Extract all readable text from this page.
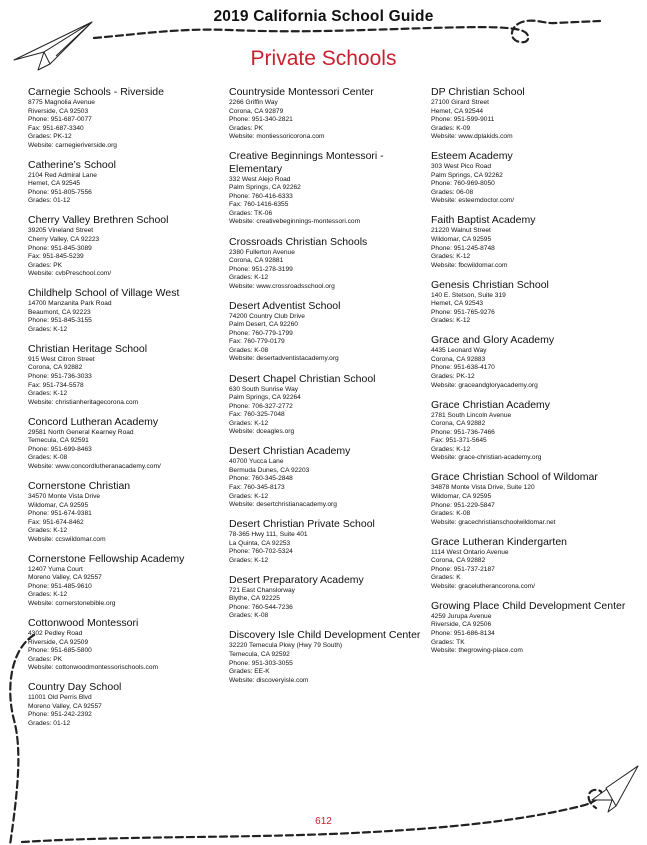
2019 California School Guide
Private Schools
Carnegie Schools - Riverside
8775 Magnolia Avenue
Riverside, CA 92503
Phone: 951-687-0077
Fax: 951-687-3340
Grades: PK-12
Website: carnegieriverside.org
Catherine’s School
2104 Red Admiral Lane
Hemet, CA 92545
Phone: 951-805-7556
Grades: 01-12
Cherry Valley Brethren School
39205 Vineland Street
Cherry Valley, CA 92223
Phone: 951-845-3089
Fax: 951-845-5239
Grades: PK
Website: cvbPreschool.com/
Childhelp School of Village West
14700 Manzanita Park Road
Beaumont, CA 92223
Phone: 951-845-3155
Grades: K-12
Christian Heritage School
915 West Citron Street
Corona, CA 92882
Phone: 951-736-3033
Fax: 951-734-5578
Grades: K-12
Website: christianheritagecorona.com
Concord Lutheran Academy
29581 North General Kearney Road
Temecula, CA 92591
Phone: 951-699-8463
Grades: K-08
Website: www.concordlutheranacademy.com/
Cornerstone Christian
34570 Monte Vista Drive
Wildomar, CA 92595
Phone: 951-674-9381
Fax: 951-674-8462
Grades: K-12
Website: ccswildomar.com
Cornerstone Fellowship Academy
12407 Yuma Court
Moreno Valley, CA 92557
Phone: 951-485-9610
Grades: K-12
Website: cornerstonebible.org
Cottonwood Montessori
4302 Pedley Road
Riverside, CA 92509
Phone: 951-685-5800
Grades: PK
Website: cottonwoodmontessorischools.com
Country Day School
11001 Old Perris Blvd
Moreno Valley, CA 92557
Phone: 951-242-2392
Grades: 01-12
Countryside Montessori Center
2266 Griffin Way
Corona, CA 92879
Phone: 951-340-2821
Grades: PK
Website: montiessoricorona.com
Creative Beginnings Montessori - Elementary
332 West Alejo Road
Palm Springs, CA 92262
Phone: 760-416-6333
Fax: 760-1416-6355
Grades: TK-06
Website: creativebeginnings-montessori.com
Crossroads Christian Schools
2380 Fullerton Avenue
Corona, CA 92881
Phone: 951-278-3199
Grades: K-12
Website: www.crossroadsschool.org
Desert Adventist School
74200 Country Club Drive
Palm Desert, CA 92260
Phone: 760-779-1799
Fax: 760-779-0179
Grades: K-08
Website: desertadventistacademy.org
Desert Chapel Christian School
630 South Sunrise Way
Palm Springs, CA 92264
Phone: 706-327-2772
Fax: 760-325-7048
Grades: K-12
Website: dceagles.org
Desert Christian Academy
40700 Yucca Lane
Bermuda Dunes, CA 92203
Phone: 760-345-2848
Fax: 760-345-8173
Grades: K-12
Website: desertchristianacademy.org
Desert Christian Private School
78-365 Hwy 111, Suite 401
La Quinta, CA 92253
Phone: 760-702-5324
Grades: K-12
Desert Preparatory Academy
721 East Chanslorway
Blythe, CA 92225
Phone: 760-544-7236
Grades: K-08
Discovery Isle Child Development Center
32220 Temecula Pkwy (Hwy 79 South)
Temecula, CA 92592
Phone: 951-303-3055
Grades: EE-K
Website: discoveryisle.com
DP Christian School
27100 Girard Street
Hemet, CA 92544
Phone: 951-599-9011
Grades: K-09
Website: www.dplakids.com
Esteem Academy
303 West Pico Road
Palm Springs, CA 92262
Phone: 760-969-8050
Grades: 06-08
Website: esteemdoctor.com/
Faith Baptist Academy
21220 Walnut Street
Wildomar, CA 92595
Phone: 951-245-8748
Grades: K-12
Website: fbcwildomar.com
Genesis Christian School
140 E. Stetson, Suite 319
Hemet, CA 92543
Phone: 951-765-9276
Grades: K-12
Grace and Glory Academy
4435 Leonard Way
Corona, CA 92883
Phone: 951-638-4170
Grades: PK-12
Website: graceandgloryacademy.org
Grace Christian Academy
2781 South Lincoln Avenue
Corona, CA 92882
Phone: 951-736-7466
Fax: 951-371-5645
Grades: K-12
Website: grace-christian-academy.org
Grace Christian School of Wildomar
34878 Monte Vista Drive, Suite 120
Wildomar, CA 92595
Phone: 951-229-5847
Grades: K-08
Website: gracechristianschoolwildomar.net
Grace Lutheran Kindergarten
1114 West Ontario Avenue
Corona, CA 92882
Phone: 951-737-2187
Grades: K
Website: gracelutherancorona.com/
Growing Place Child Development Center
4259 Jurupa Avenue
Riverside, CA 92506
Phone: 951-686-8134
Grades: TK
Website: thegrowing-place.com
612
